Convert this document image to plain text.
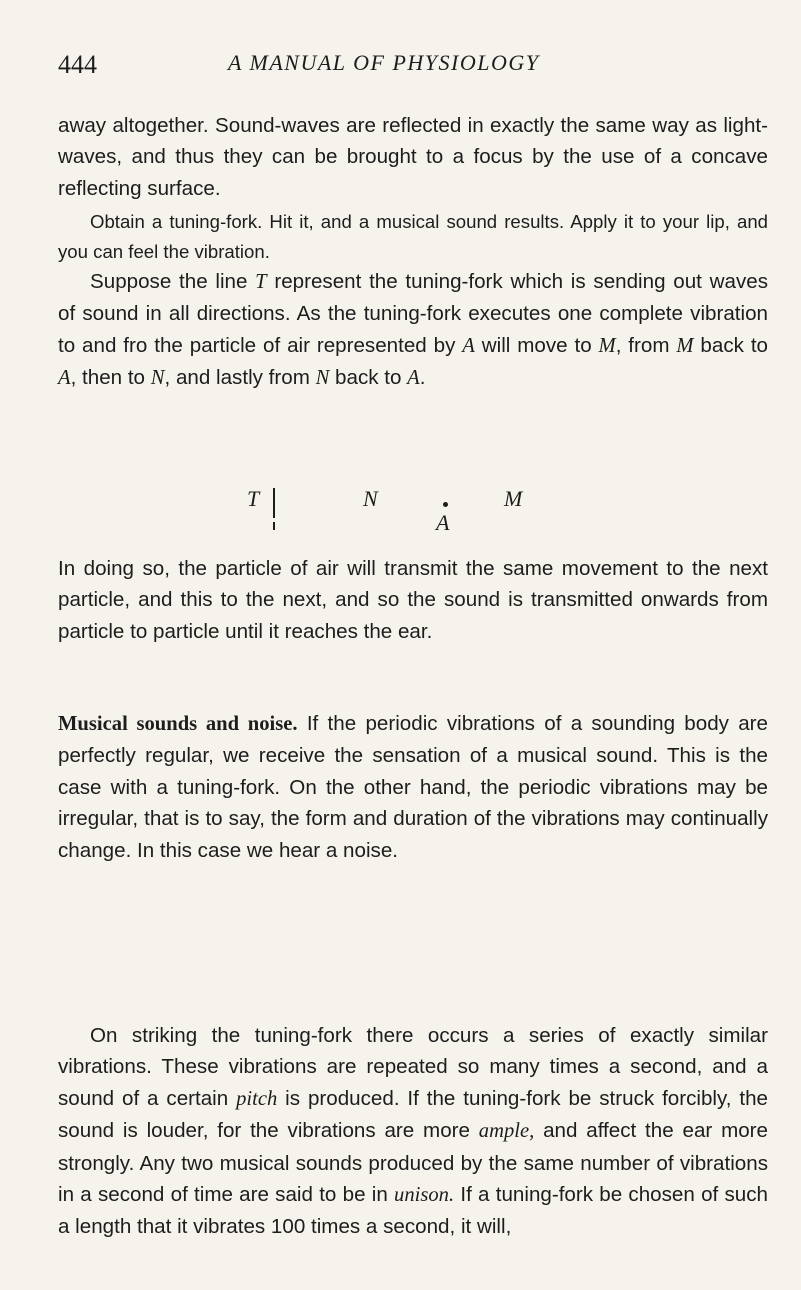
444	A MANUAL OF PHYSIOLOGY

away altogether. Sound-waves are reflected in exactly the same way as light-waves, and thus they can be brought to a focus by the use of a concave reflecting surface.

Obtain a tuning-fork. Hit it, and a musical sound results. Apply it to your lip, and you can feel the vibration.

Suppose the line T represent the tuning-fork which is sending out waves of sound in all directions. As the tuning-fork executes one complete vibration to and fro the particle of air represented by A will move to M, from M back to A, then to N, and lastly from N back to A.

T	N	M
A

In doing so, the particle of air will transmit the same movement to the next particle, and this to the next, and so the sound is transmitted onwards from particle to particle until it reaches the ear.

Musical sounds and noise. If the periodic vibrations of a sounding body are perfectly regular, we receive the sensation of a musical sound. This is the case with a tuning-fork. On the other hand, the periodic vibrations may be irregular, that is to say, the form and duration of the vibrations may continually change. In this case we hear a noise.

On striking the tuning-fork there occurs a series of exactly similar vibrations. These vibrations are repeated so many times a second, and a sound of a certain pitch is produced. If the tuning-fork be struck forcibly, the sound is louder, for the vibrations are more ample, and affect the ear more strongly. Any two musical sounds produced by the same number of vibrations in a second of time are said to be in unison. If a tuning-fork be chosen of such a length that it vibrates 100 times a second, it will,
